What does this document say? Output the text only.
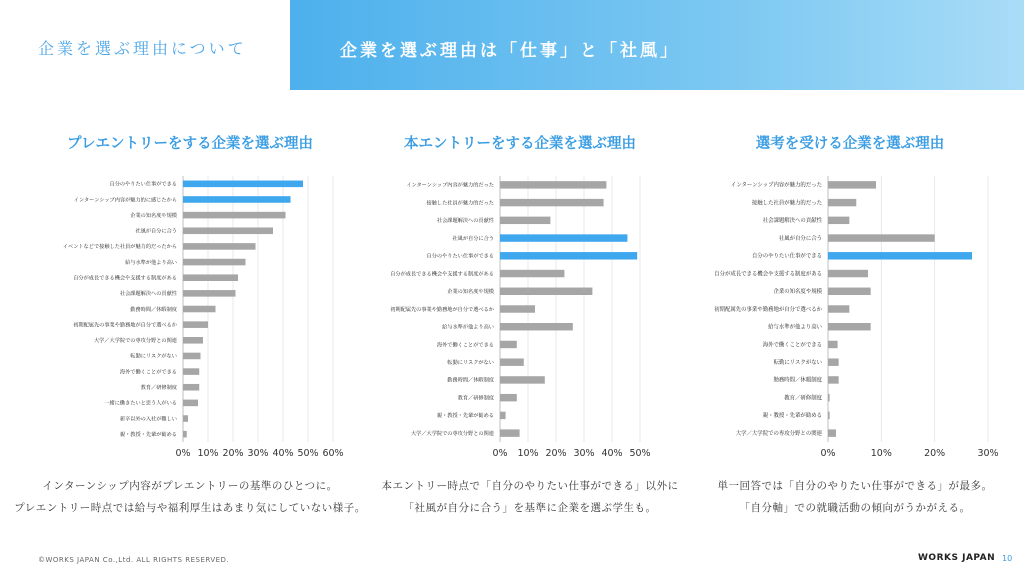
企業を選ぶ理由について	企業を選ぶ理由は「仕事」と「社風」
プレエントリーをする企業を選ぶ理由	本エントリーをする企業を選ぶ理由	選考を受ける企業を選ぶ理由
0% 10% 20% 30% 40% 50% 60%
自分のやりたい仕事ができる
インターンシップ内容が魅力的に感じたから
企業の知名度や規模
社風が自分に合う
イベントなどで接触した社員が魅力的だったから
給与水準が他より高い
自分が成長できる機会や支援する制度がある
社会課題解決への貢献性
勤務時間／休暇制度
初期配属先の事業や勤務地が自分で選べるか
大学／大学院での専攻分野との関連
転勤にリスクがない
海外で働くことができる
教育／研修制度
一緒に働きたいと思う人がいる
新卒以外の入社が難しい
親・教授・先輩が勧める
0% 10% 20% 30% 40% 50%
インターンシップ内容が魅力的だった
接触した社員が魅力的だった
社会課題解決への貢献性
社風が自分に合う
自分のやりたい仕事ができる
自分が成長できる機会や支援する制度がある
企業の知名度や規模
初期配属先の事業や勤務地が自分で選べるか
給与水準が他より高い
海外で働くことができる
転勤にリスクがない
勤務時間／休暇制度
教育／研修制度
親・教授・先輩が勧める
大学／大学院での専攻分野との関連
0%	10%	20%	30%
インターンシップ内容が魅力的だった
接触した社員が魅力的だった
社会課題解決への貢献性
社風が自分に合う
自分のやりたい仕事ができる
自分が成長できる機会や支援する制度がある
企業の知名度や規模
初期配属先の事業や勤務地が自分で選べるか
給与水準が他より高い
海外で働くことができる
転勤にリスクがない
勤務時間／休暇制度
教育／研修制度
親・教授・先輩が勧める
大学／大学院での専攻分野との関連
インターンシップ内容がプレエントリーの基準のひとつに。
プレエントリー時点では給与や福利厚生はあまり気にしていない様子。
本エントリー時点で「自分のやりたい仕事ができる」以外に
「社風が自分に合う」を基準に企業を選ぶ学生も。
単一回答では「自分のやりたい仕事ができる」が最多。
「自分軸」での就職活動の傾向がうかがえる。
©WORKS JAPAN Co.,Ltd. ALL RIGHTS RESERVED.	WORKS JAPAN 10
